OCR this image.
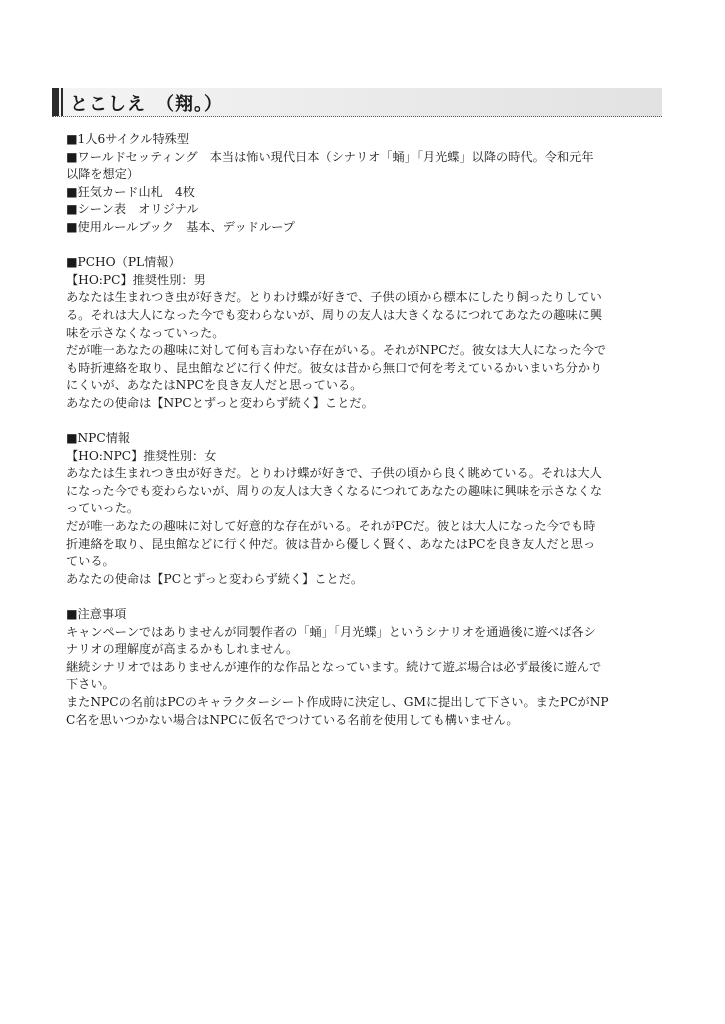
とこしえ　（翔。）
■1人6サイクル特殊型
■ワールドセッティング　本当は怖い現代日本（シナリオ「蛹」「月光蝶」以降の時代。令和元年
以降を想定）
■狂気カード山札　4枚
■シーン表　オリジナル
■使用ルールブック　基本、デッドループ
■PCHO（PL情報）
【HO:PC】推奨性別：男
あなたは生まれつき虫が好きだ。とりわけ蝶が好きで、子供の頃から標本にしたり飼ったりしてい
る。それは大人になった今でも変わらないが、周りの友人は大きくなるにつれてあなたの趣味に興
味を示さなくなっていった。
だが唯一あなたの趣味に対して何も言わない存在がいる。それがNPCだ。彼女は大人になった今で
も時折連絡を取り、昆虫館などに行く仲だ。彼女は昔から無口で何を考えているかいまいち分かり
にくいが、あなたはNPCを良き友人だと思っている。
あなたの使命は【NPCとずっと変わらず続く】ことだ。
■NPC情報
【HO:NPC】推奨性別：女
あなたは生まれつき虫が好きだ。とりわけ蝶が好きで、子供の頃から良く眺めている。それは大人
になった今でも変わらないが、周りの友人は大きくなるにつれてあなたの趣味に興味を示さなくな
っていった。
だが唯一あなたの趣味に対して好意的な存在がいる。それがPCだ。彼とは大人になった今でも時
折連絡を取り、昆虫館などに行く仲だ。彼は昔から優しく賢く、あなたはPCを良き友人だと思っ
ている。
あなたの使命は【PCとずっと変わらず続く】ことだ。
■注意事項
キャンペーンではありませんが同製作者の「蛹」「月光蝶」というシナリオを通過後に遊べば各シ
ナリオの理解度が高まるかもしれません。
継続シナリオではありませんが連作的な作品となっています。続けて遊ぶ場合は必ず最後に遊んで
下さい。
またNPCの名前はPCのキャラクターシート作成時に決定し、GMに提出して下さい。またPCがNP
C名を思いつかない場合はNPCに仮名でつけている名前を使用しても構いません。
